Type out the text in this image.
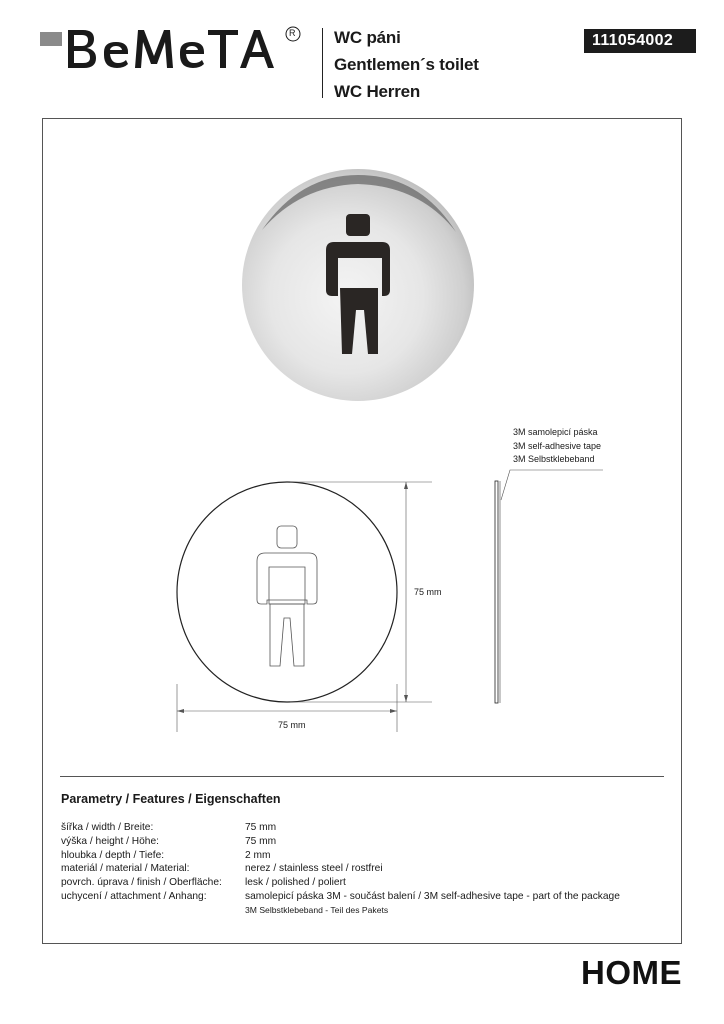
R WC páni
Gentlemen´s toilet
WC Herren
111054002
75 mm
75 mm
3M samolepicí páska
3M self-adhesive tape
3M Selbstklebeband
Parametry / Features / Eigenschaften
šířka / width / Breite:	75 mm
výška / height / Höhe:	75 mm
hloubka / depth / Tiefe:	2 mm
materiál / material / Material:	nerez / stainless steel / rostfrei
povrch. úprava / finish / Oberfläche:	lesk / polished / poliert
uchycení / attachment / Anhang:	samolepicí páska 3M - součást balení / 3M self-adhesive tape - part of the package
3M Selbstklebeband - Teil des Pakets
HOME
